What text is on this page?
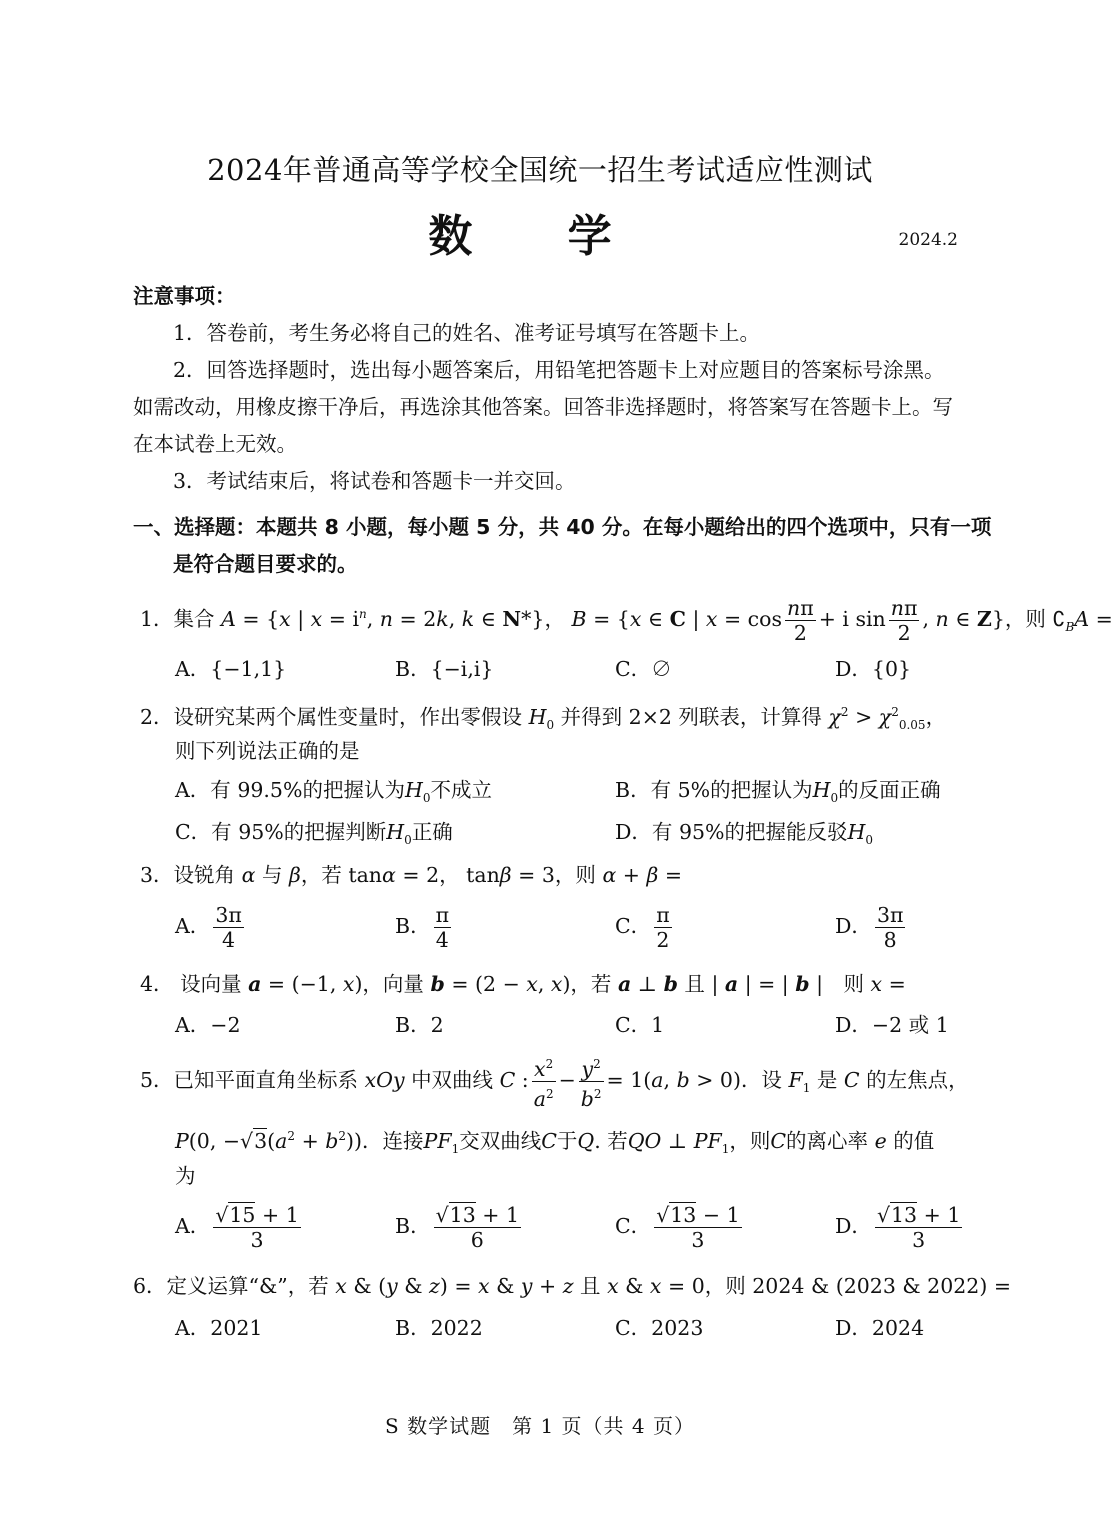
2024年普通高等学校全国统一招生考试适应性测试
数 学	2024.2
注意事项：
1．答卷前，考生务必将自己的姓名、准考证号填写在答题卡上。
2．回答选择题时，选出每小题答案后，用铅笔把答题卡上对应题目的答案标号涂黑。如需改动，用橡皮擦干净后，再选涂其他答案。回答非选择题时，将答案写在答题卡上。写在本试卷上无效。
3．考试结束后，将试卷和答题卡一并交回。
一、选择题：本题共 8 小题，每小题 5 分，共 40 分。在每小题给出的四个选项中，只有一项是符合题目要求的。
1．集合 A = {x | $x = i^n$, n = 2k, k ∈ N*}， B = {x ∈ C | $x = \cos \frac{n\pi}{2} + i$ $\sin \frac{n\pi}{2}$ , n ∈ Z}，则 $∁_BA$ =
A．{−1,1}	B．{−i,i}	C．∅	D．{0}
2．设研究某两个属性变量时，作出零假设 $H_0$ 并得到 2×2 列联表，计算得 $\chi^2 > \chi^2_{0.05}$，
则下列说法正确的是
A．有 99.5%的把握认为$H_0$不成立	B．有 5%的把握认为$H_0$的反面正确
C．有 95%的把握判断$H_0$正确	D．有 95%的把握能反驳$H_0$
3．设锐角 α 与 β，若 tanα = 2， tanβ = 3，则 α + β =
A． $\frac{3\pi}{4}$	B． $\frac{\pi}{4}$	C． $\frac{\pi}{2}$	D． $\frac{3\pi}{8}$
4． 设向量 a = (−1, x)，向量 b = (2 − x, x)，若 a ⊥ b 且 | a | = | b |　则 x =
A．−2	B．2	C．1	D．−2 或 1
5．已知平面直角坐标系 xOy 中双曲线 C : $\frac{x^2}{a^2} - \frac{y^2}{b^2} = 1(a$, b > 0)．设 $F_1$ 是 C 的左焦点，
P(0, $-√3(a^2 + b^2)$)．连接$PF_1$交双曲线C于Q. 若QO ⊥ $PF_1$，则C的离心率 e 的值
为
A． $\frac{√15 + 1}{3}$	B． $\frac{√13 + 1}{6}$	C． $\frac{√13 - 1}{3}$	D． $\frac{√13 + 1}{3}$
6．定义运算“&”，若 x & (y & z) = x & y + z 且 x & x = 0，则 2024 & (2023 & 2022) =
A．2021	B．2022	C．2023	D．2024
S 数学试题　第 1 页（共 4 页）
